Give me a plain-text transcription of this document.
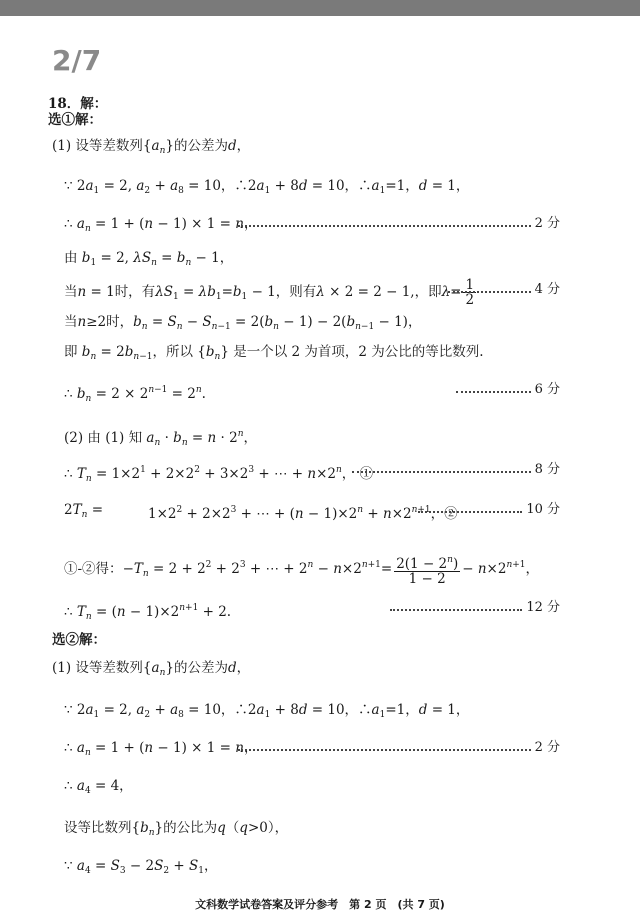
2/7
18．解：
选①解：
(1) 设等差数列$\{a_n\}$的公差为d，
∵ $2a_1 = 2$, $a_2 + a_8 = 10$，$\therefore 2a_1 + 8d = 10$，$\therefore a_1=1$，d = 1，
∴ $a_n = 1 + (n - 1) \times 1 = n$，	2 分
由 $b_1 = 2$, $\lambda S_n = b_n - 1$，
当n = 1时，有$\lambda S_1 = \lambda b_1=b_1 - 1$，则有λ × 2 = 2 − 1,，即$\lambda= \frac{1}{2}$	4 分
当n≥2时，$b_n = S_n - S_{n-1} = 2(b_n - 1) - 2(b_{n-1} - 1)$，
即 $b_n = 2b_{n-1}$，所以 $\{b_n\}$ 是一个以 2 为首项，2 为公比的等比数列.
∴ $b_n = 2 \times 2^{n-1} = 2^n$.	6 分
(2) 由 (1) 知 $a_n \cdot b_n = n \cdot 2^n$，
∴ $T_n = 1\times 2^1 + 2\times 2^2 + 3\times 2^3$ + ⋯ + $n\times 2^n$， ①	8 分
$2T_n$ =	$1\times 2^2 + 2\times 2^3$ + ⋯ + $(n - 1)\times 2^n + n\times 2^{n+1}$，②	10 分
①-②得：$-T_n = 2 + 2^2 + 2^3$ + ⋯ + $2^n - n\times 2^{n+1}= \frac{2(1 - 2^n)}{1 - 2} - n\times 2^{n+1}$，
∴ $T_n = (n - 1)\times 2^{n+1} + 2$.	12 分
选②解：
(1) 设等差数列$\{a_n\}$的公差为d，
∵ $2a_1 = 2$, $a_2 + a_8 = 10$，$\therefore 2a_1 + 8d = 10$，$\therefore a_1=1$，d = 1，
∴ $a_n = 1 + (n - 1) \times 1 = n$，	2 分
∴ $a_4 = 4$，
设等比数列$\{b_n\}$的公比为q（q>0），
∵ $a_4 = S_3 - 2S_2 + S_1$，
文科数学试卷答案及评分参考　第 2 页　(共 7 页)
